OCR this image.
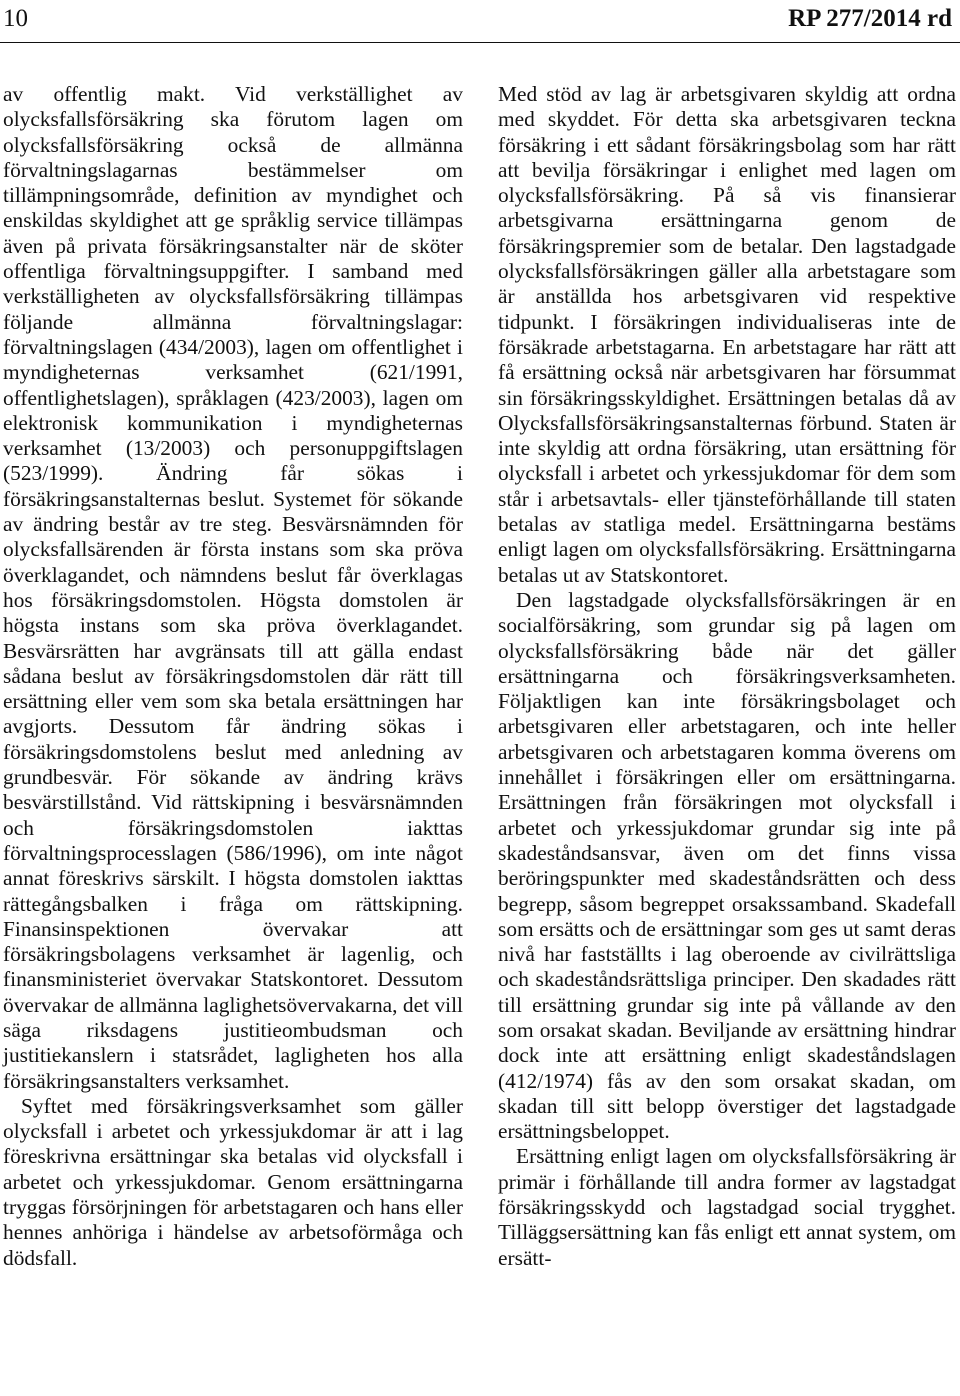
10	RP 277/2014 rd

av offentlig makt. Vid verkställighet av olycksfallsförsäkring ska förutom lagen om olycksfallsförsäkring också de allmänna förvaltningslagarnas bestämmelser om tillämpningsområde, definition av myndighet och enskildas skyldighet att ge språklig service tillämpas även på privata försäkringsanstalter när de sköter offentliga förvaltningsuppgifter. I samband med verkställigheten av olycksfallsförsäkring tillämpas följande allmänna förvaltningslagar: förvaltningslagen (434/2003), lagen om offentlighet i myndigheternas verksamhet (621/1991, offentlighetslagen), språklagen (423/2003), lagen om elektronisk kommunikation i myndigheternas verksamhet (13/2003) och personuppgiftslagen (523/1999). Ändring får sökas i försäkringsanstalternas beslut. Systemet för sökande av ändring består av tre steg. Besvärsnämnden för olycksfallsärenden är första instans som ska pröva överklagandet, och nämndens beslut får överklagas hos försäkringsdomstolen. Högsta domstolen är högsta instans som ska pröva överklagandet. Besvärsrätten har avgränsats till att gälla endast sådana beslut av försäkringsdomstolen där rätt till ersättning eller vem som ska betala ersättningen har avgjorts. Dessutom får ändring sökas i försäkringsdomstolens beslut med anledning av grundbesvär. För sökande av ändring krävs besvärstillstånd. Vid rättskipning i besvärsnämnden och försäkringsdomstolen iakttas förvaltningsprocesslagen (586/1996), om inte något annat föreskrivs särskilt. I högsta domstolen iakttas rättegångsbalken i fråga om rättskipning. Finansinspektionen övervakar att försäkringsbolagens verksamhet är lagenlig, och finansministeriet övervakar Statskontoret. Dessutom övervakar de allmänna laglighetsövervakarna, det vill säga riksdagens justitieombudsman och justitiekanslern i statsrådet, lagligheten hos alla försäkringsanstalters verksamhet.

Syftet med försäkringsverksamhet som gäller olycksfall i arbetet och yrkessjukdomar är att i lag föreskrivna ersättningar ska betalas vid olycksfall i arbetet och yrkessjukdomar. Genom ersättningarna tryggas försörjningen för arbetstagaren och hans eller hennes anhöriga i händelse av arbetsoförmåga och dödsfall.

Med stöd av lag är arbetsgivaren skyldig att ordna med skyddet. För detta ska arbetsgivaren teckna försäkring i ett sådant försäkringsbolag som har rätt att bevilja försäkringar i enlighet med lagen om olycksfallsförsäkring. På så vis finansierar arbetsgivarna ersättningarna genom de försäkringspremier som de betalar. Den lagstadgade olycksfallsförsäkringen gäller alla arbetstagare som är anställda hos arbetsgivaren vid respektive tidpunkt. I försäkringen individualiseras inte de försäkrade arbetstagarna. En arbetstagare har rätt att få ersättning också när arbetsgivaren har försummat sin försäkringsskyldighet. Ersättningen betalas då av Olycksfallsförsäkringsanstalternas förbund. Staten är inte skyldig att ordna försäkring, utan ersättning för olycksfall i arbetet och yrkessjukdomar för dem som står i arbetsavtals- eller tjänsteförhållande till staten betalas av statliga medel. Ersättningarna bestäms enligt lagen om olycksfallsförsäkring. Ersättningarna betalas ut av Statskontoret.

Den lagstadgade olycksfallsförsäkringen är en socialförsäkring, som grundar sig på lagen om olycksfallsförsäkring både när det gäller ersättningarna och försäkringsverksamheten. Följaktligen kan inte försäkringsbolaget och arbetsgivaren eller arbetstagaren, och inte heller arbetsgivaren och arbetstagaren komma överens om innehållet i försäkringen eller om ersättningarna. Ersättningen från försäkringen mot olycksfall i arbetet och yrkessjukdomar grundar sig inte på skadeståndsansvar, även om det finns vissa beröringspunkter med skadeståndsrätten och dess begrepp, såsom begreppet orsakssamband. Skadefall som ersätts och de ersättningar som ges ut samt deras nivå har fastställts i lag oberoende av civilrättsliga och skadeståndsrättsliga principer. Den skadades rätt till ersättning grundar sig inte på vållande av den som orsakat skadan. Beviljande av ersättning hindrar dock inte att ersättning enligt skadeståndslagen (412/1974) fås av den som orsakat skadan, om skadan till sitt belopp överstiger det lagstadgade ersättningsbeloppet.

Ersättning enligt lagen om olycksfallsförsäkring är primär i förhållande till andra former av lagstadgat försäkringsskydd och lagstadgad social trygghet. Tilläggsersättning kan fås enligt ett annat system, om ersätt-
